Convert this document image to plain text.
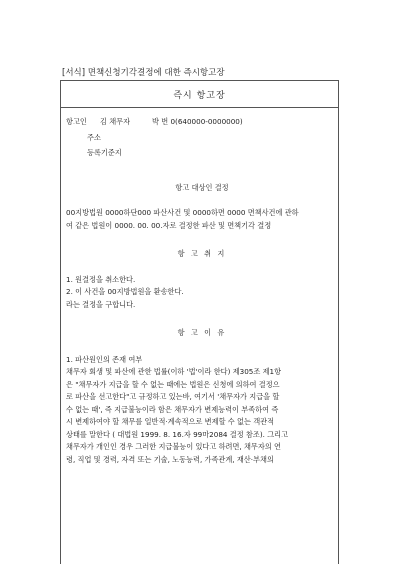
[서식] 면책신청기각결정에 대한 즉시항고장
즉시 항고장
항고인	김 채무자	박 번 0(640000-0000000)
주소
등록기준지
항고 대상인 결정
00지방법원 0000하단000 파산사건 및 0000하면 0000 면책사건에 관하
여 같은 법원이 0000. 00. 00.자로 결정한 파산 및 면책기각 결정
항 고 취 지
1. 원결정을 취소한다.
2. 이 사건을 00지방법원을 환송한다.
라는 결정을 구합니다.
항 고 이 유
1. 파산원인의 존재 여부
채무자 회생 및 파산에 관한 법률(이하 '법'이라 한다) 제305조 제1항
은 "채무자가 지급을 할 수 없는 때에는 법원은 신청에 의하여 결정으
로 파산을 선고한다"고 규정하고 있는바, 여기서 '채무자가 지급을 할
수 없는 때', 즉 지급불능이라 함은 채무자가 변제능력이 부족하여 즉
시 변제하여야 할 채무를 일반적·계속적으로 변제할 수 없는 객관적
상태를 말한다 ( 대법원 1999. 8. 16.자 99마2084 결정 참조). 그리고
채무자가 개인인 경우 그러한 지급불능이 있다고 하려면, 채무자의 연
령, 직업 및 경력, 자격 또는 기술, 노동능력, 가족관계, 재산·부채의
